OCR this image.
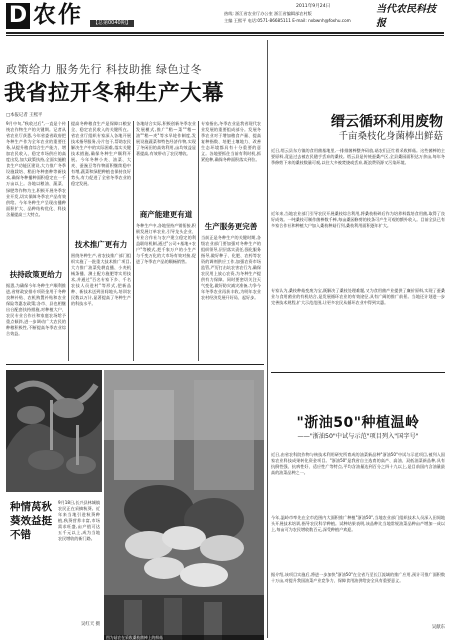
D 农作	【总第0040期】
2011年9月24日
热线: 浙江省农业厅办公室 浙江省编辑部农村版
主编 王熙平 电话:0571-86685111 E-mail: nxbwnh@foxhu.com
当代农民科技报
政策给力 服务先行 科技助推 绿色过冬
我省拉开冬种生产大幕
□本报记者 王熙平
9月中旬,"秋收过后",一直是个传统农作物生产的关键期。记者从省农业厅获悉,今年省委省政府把冬种生产作为全年农业的重要任务,从提升粮食综合生产能力、增加农民收入、稳定市场供应的高度出发,加大政策扶持,全面实施粮食生产功能区建设,大力推广冬季设施栽培、稻田冬种套种等新技术,确保冬种播种面积稳定在一千万亩以上。各地以粮油、蔬菜、绿肥等作物为主,积极开展冬季农业开发,切实保障冬季农产品有效供给。今年冬种生产呈现出播种面积扩大、品种结构优化、科技含量提高三大特点。
扶持政策更给力
据悉,为确保今年冬种生产顺利推进,省财政安排专项资金用于冬种良种补贴、农机购置补贴和农业保险等惠农政策;各市、县也相继出台配套扶持措施,对种植大户、农民专业合作社和家庭农场给予重点倾斜,进一步调动广大农民的种粮积极性,不断提高冬季农业综合效益。
提高冬种粮食生产是保障口粮安全、稳定农民收入的关键所在。省农业厅组织专家深入各地开展技术指导服务,分片包干,帮助农民解决生产中的实际困难,落实关键技术措施,确保冬种生产顺利开展。今年冬种小麦、油菜、大麦、蚕豌豆等作物面积继续稳中有增,蔬菜和绿肥种植也保持良好势头,有力促进了全省冬季农业的稳定发展。
技术推广更有力
围绕冬种生产,省农技推广部门组织实施了一批重大技术推广项目,大力推广油菜免耕直播、小麦机械条播、测土配方施肥等实用技术,并通过"百名专家下乡、千名农技人员进村"等形式,把新品种、新技术送到田间地头,培训农民数以万计,显著提高了冬种生产的科技水平。
各地结合实际,积极创新冬季农业发展模式,推广"稻—菜""稻—油""稻—麦"等水旱轮作制度,发展设施蔬菜和特色经济作物,实现了冬闲田的高效利用,亩均效益显著提高,有效带动了农民增收。
商产能建更有道
冬种生产中,各地坚持产销衔接,积极发展订单农业,引导龙头企业、专业合作社与农户建立稳定的利益联结机制,通过"公司+基地+农户"等模式,把千家万户的小生产与千变万化的大市场有效对接,促进了冬季农产品的顺畅销售。
专家指出,冬季农业是我省现代农业发展的重要组成部分。发展冬季农业对于增加粮食产量、提高复种指数、培肥土壤地力、改善生态环境都具有十分重要的意义。各地要抓住当前有利时机,抓紧抢种,确保冬种面积落实到位。
生产服务更完善
当前正是冬种生产的关键时期,各级农业部门要加强对冬种生产的组织领导,层层落实责任,强化服务指导,做好种子、化肥、农药等农资的调剂供应工作,加强农资市场监管,严厉打击坑农害农行为,确保农民用上放心农资,为冬种生产提供有力保障。同时要密切关注天气变化,做好防灾减灾准备,力争今年冬季农业再获丰收,为明年农业农村经济发展开好局、起好步。
图为菇农在采收桑枝菌棒上的鲜菇
种情莴秋葵效益挺不错
9月18日,长兴县林城镇农民正在采摘秋葵。近年来当地引进秋葵种植,秋葵营养丰富,市场需求旺盛,亩产值可达五千元以上,成为当地农民增收的新门路。
吴红天 摄
缙云循环利用废物
千亩桑枝化身菌棒出鲜菇
近日,缙云县东方镇的食用菌基地里,一排排菌棒整齐码放,菇农们正忙着采收鲜菇。这些菌棒的主要原料,竟是过去被农民随手丢弃的桑枝。缙云县是传统蚕桑产区,全县桑园面积达万余亩,每年冬季修剪下来的桑枝数量可观,以往大多被焚烧或丢弃,既浪费资源又污染环境。
近年来,当地农业部门引导农民开展桑枝综合利用,将桑枝粉碎后作为培养料栽培食用菌,取得了良好成效。一吨桑枝可制作菌棒数千棒,每亩桑园修剪的枝条可产生可观的额外收入。目前全县已有多家合作社和种植大户加入桑枝种菇行列,桑枝利用面积逐年扩大。
专家认为,桑枝种菇变废为宝,既解决了桑枝处理难题,又为食用菌产业提供了廉价原料,实现了蚕桑业与食用菌业的有机结合,是发展循环农业的有效途径,具有广阔的推广前景。当地还计划进一步完善技术规程,扩大示范范围,让更多农民从循环农业中得到实惠。
"浙油50"种植温岭
——"浙油50"中试与示范"项目列入"国字号"
近日,由省农科院作物与核技术利用研究所育成的油菜新品种"浙油50"中试与示范项目,被列入国家农业科技成果转化资金项目。"浙油50"是我省自主选育的高产、高油、双低油菜新品种,具有抗倒性强、抗病性好、适应性广等特点,平均含油量达到百分之四十九以上,是目前国内含油量最高的油菜品种之一。
今年,温岭市率先在全市范围内大面积推广种植"浙油50",当地农业部门组织技术人员深入田间地头开展技术培训,指导农民科学种植。试种结果表明,该品种比当地常规油菜品种亩产增加一成以上,每亩可为农民增收数百元,深受种植户欢迎。
据介绍,该项目实施后,将进一步加快"浙油50"在全省乃至长江流域的推广应用,预计可推广面积数十万亩,对提升我国油菜产业竞争力、保障食用油供给安全具有重要意义。
吴献东
